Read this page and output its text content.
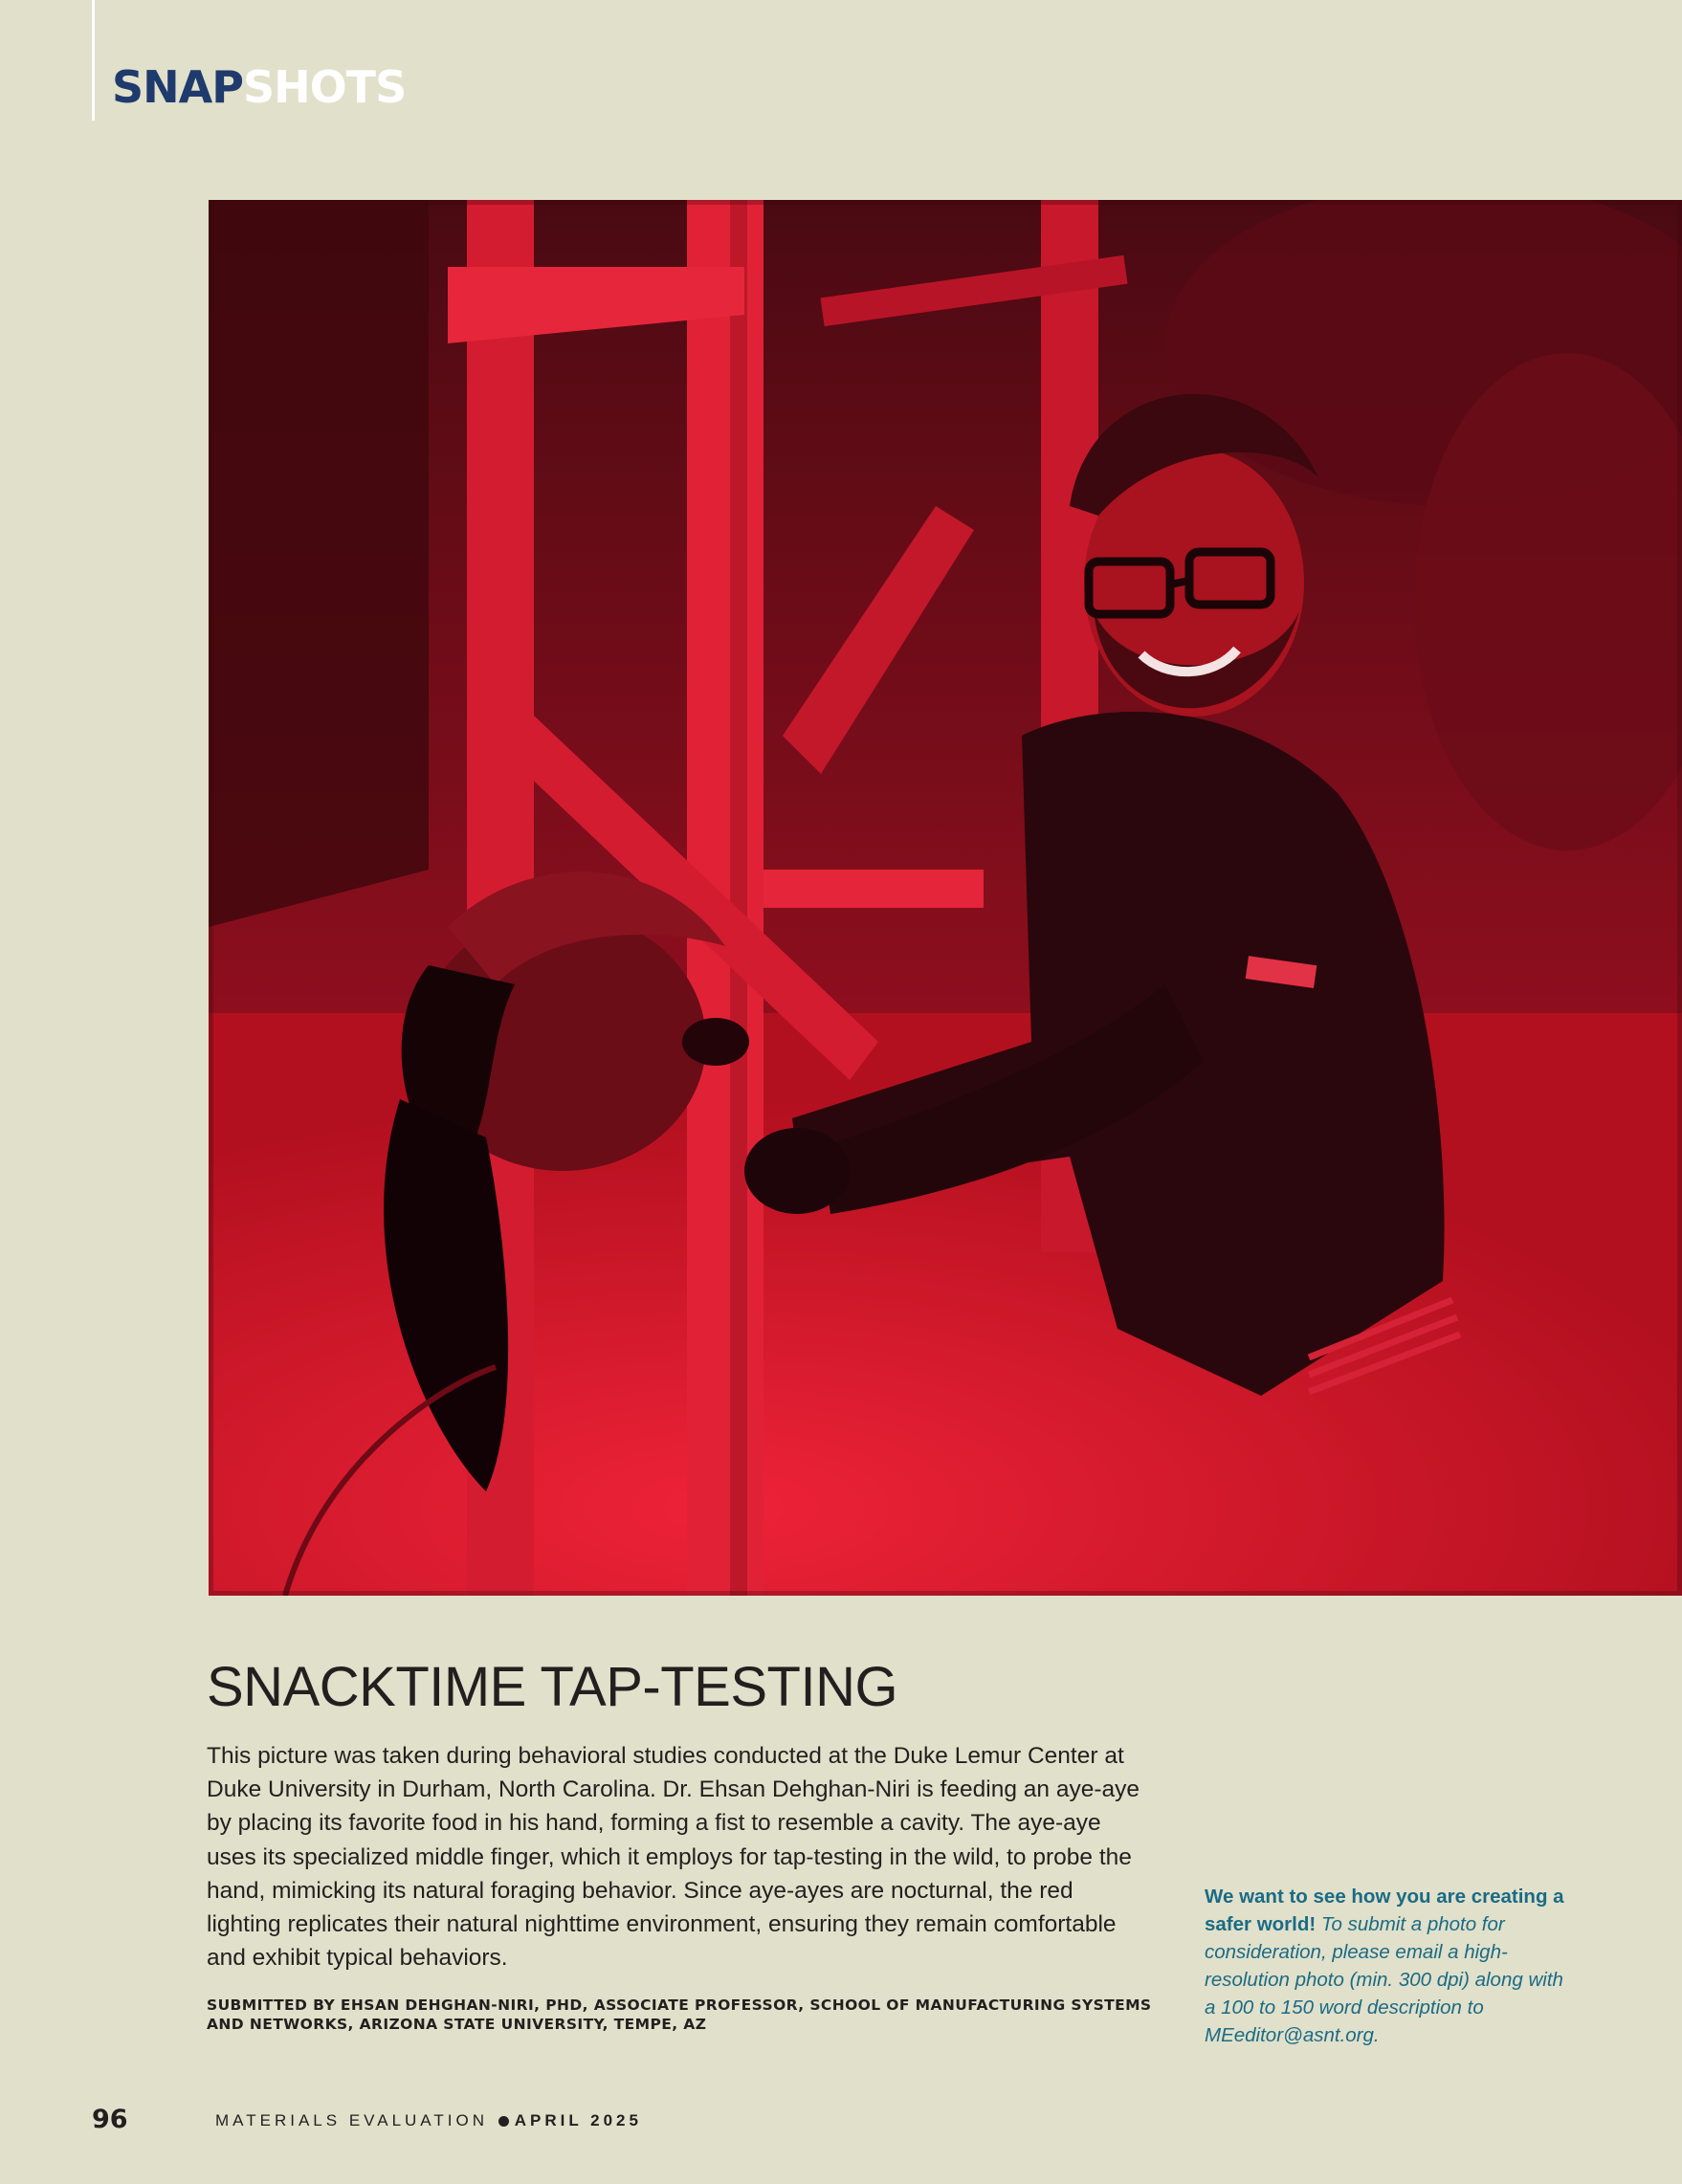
SNAPSHOTS
SNACKTIME TAP-TESTING

This picture was taken during behavioral studies conducted at the Duke Lemur Center at Duke University in Durham, North Carolina. Dr. Ehsan Dehghan-Niri is feeding an aye-aye by placing its favorite food in his hand, forming a fist to resemble a cavity. The aye-aye uses its specialized middle finger, which it employs for tap-testing in the wild, to probe the hand, mimicking its natural foraging behavior. Since aye-ayes are nocturnal, the red lighting replicates their natural nighttime environment, ensuring they remain comfortable and exhibit typical behaviors.

SUBMITTED BY EHSAN DEHGHAN-NIRI, PHD, ASSOCIATE PROFESSOR, SCHOOL OF MANUFACTURING SYSTEMS AND NETWORKS, ARIZONA STATE UNIVERSITY, TEMPE, AZ

We want to see how you are creating a safer world! To submit a photo for consideration, please email a high-resolution photo (min. 300 dpi) along with a 100 to 150 word description to MEeditor@asnt.org.

96	MATERIALS EVALUATION APRIL 2025
